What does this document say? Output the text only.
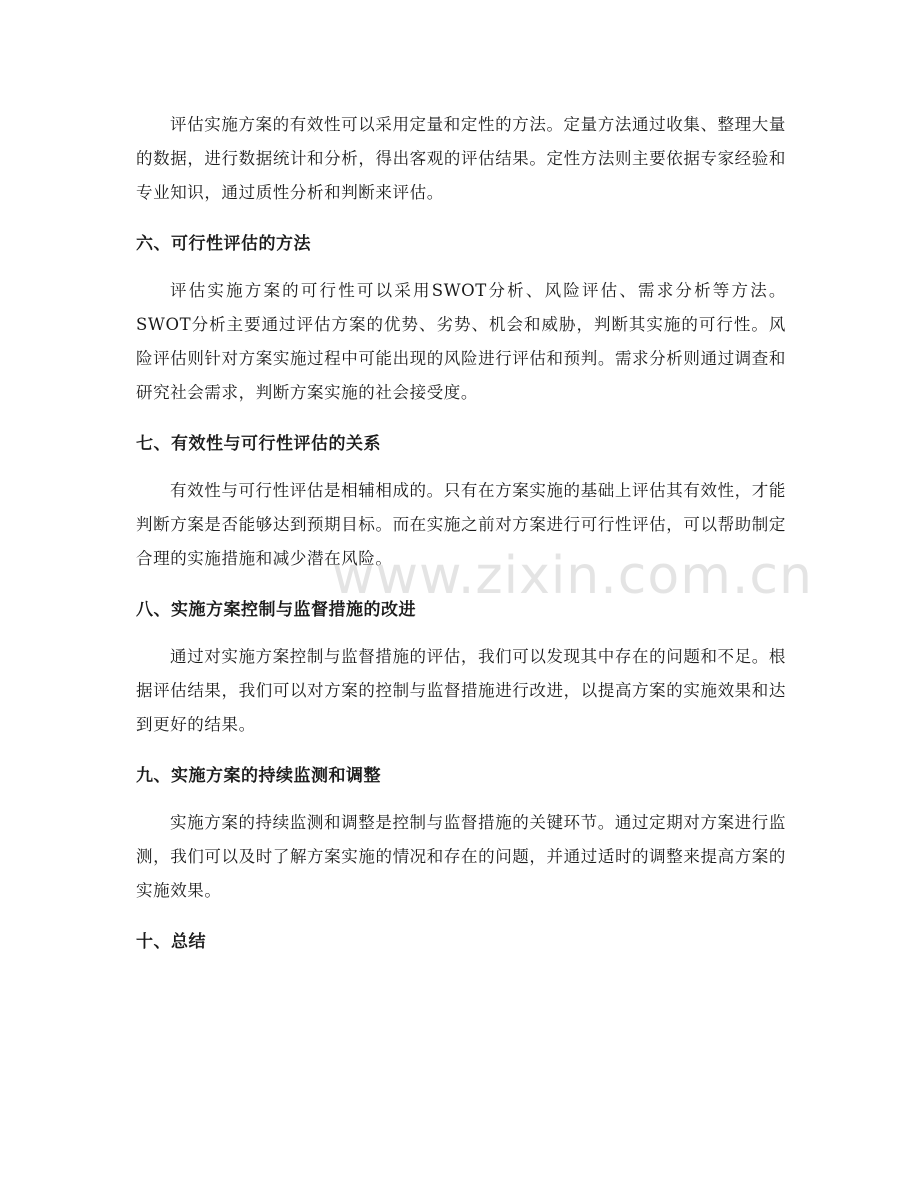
评估实施方案的有效性可以采用定量和定性的方法。定量方法通过收集、整理大量的数据，进行数据统计和分析，得出客观的评估结果。定性方法则主要依据专家经验和专业知识，通过质性分析和判断来评估。

六、可行性评估的方法

评估实施方案的可行性可以采用SWOT分析、风险评估、需求分析等方法。SWOT分析主要通过评估方案的优势、劣势、机会和威胁，判断其实施的可行性。风险评估则针对方案实施过程中可能出现的风险进行评估和预判。需求分析则通过调查和研究社会需求，判断方案实施的社会接受度。

七、有效性与可行性评估的关系

有效性与可行性评估是相辅相成的。只有在方案实施的基础上评估其有效性，才能判断方案是否能够达到预期目标。而在实施之前对方案进行可行性评估，可以帮助制定合理的实施措施和减少潜在风险。

八、实施方案控制与监督措施的改进

通过对实施方案控制与监督措施的评估，我们可以发现其中存在的问题和不足。根据评估结果，我们可以对方案的控制与监督措施进行改进，以提高方案的实施效果和达到更好的结果。

九、实施方案的持续监测和调整

实施方案的持续监测和调整是控制与监督措施的关键环节。通过定期对方案进行监测，我们可以及时了解方案实施的情况和存在的问题，并通过适时的调整来提高方案的实施效果。

十、总结
www.zixin.com.cn
